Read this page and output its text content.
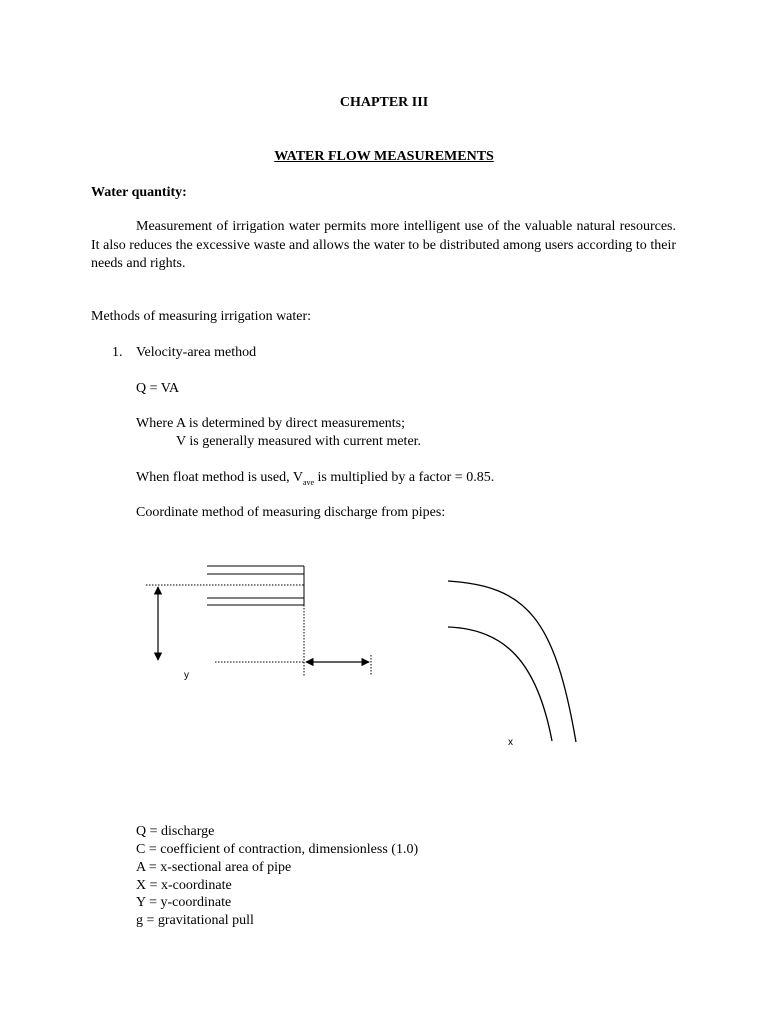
CHAPTER III
WATER FLOW MEASUREMENTS
Water quantity:
Measurement of irrigation water permits more intelligent use of the valuable natural resources. It also reduces the excessive waste and allows the water to be distributed among users according to their needs and rights.
Methods of measuring irrigation water:
1. Velocity-area method
Q = VA
Where A is determined by direct measurements;
V is generally measured with current meter.
When float method is used, $V_{ave}$ is multiplied by a factor = 0.85.
Coordinate method of measuring discharge from pipes:
y
x
Q = discharge
C = coefficient of contraction, dimensionless (1.0)
A = x-sectional area of pipe
X = x-coordinate
Y = y-coordinate
g = gravitational pull
